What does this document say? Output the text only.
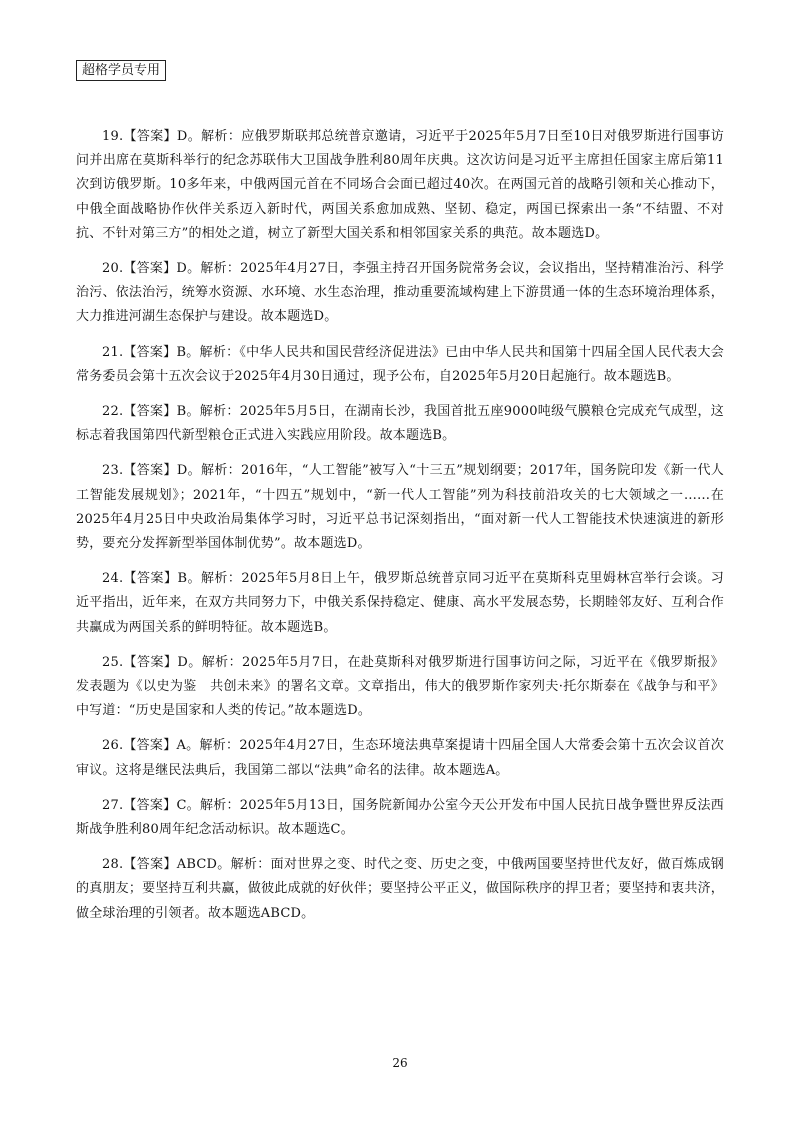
超格学员专用

19.【答案】D。解析：应俄罗斯联邦总统普京邀请，习近平于2025年5月7日至10日对俄罗斯进行国事访问并出席在莫斯科举行的纪念苏联伟大卫国战争胜利80周年庆典。这次访问是习近平主席担任国家主席后第11次到访俄罗斯。10多年来，中俄两国元首在不同场合会面已超过40次。在两国元首的战略引领和关心推动下，中俄全面战略协作伙伴关系迈入新时代，两国关系愈加成熟、坚韧、稳定，两国已探索出一条“不结盟、不对抗、不针对第三方”的相处之道，树立了新型大国关系和相邻国家关系的典范。故本题选D。

20.【答案】D。解析：2025年4月27日，李强主持召开国务院常务会议，会议指出，坚持精准治污、科学治污、依法治污，统筹水资源、水环境、水生态治理，推动重要流域构建上下游贯通一体的生态环境治理体系，大力推进河湖生态保护与建设。故本题选D。

21.【答案】B。解析：《中华人民共和国民营经济促进法》已由中华人民共和国第十四届全国人民代表大会常务委员会第十五次会议于2025年4月30日通过，现予公布，自2025年5月20日起施行。故本题选B。

22.【答案】B。解析：2025年5月5日，在湖南长沙，我国首批五座9000吨级气膜粮仓完成充气成型，这标志着我国第四代新型粮仓正式进入实践应用阶段。故本题选B。

23.【答案】D。解析：2016年，“人工智能”被写入“十三五”规划纲要；2017年，国务院印发《新一代人工智能发展规划》；2021年，“十四五”规划中，“新一代人工智能”列为科技前沿攻关的七大领域之一……在2025年4月25日中央政治局集体学习时，习近平总书记深刻指出，“面对新一代人工智能技术快速演进的新形势，要充分发挥新型举国体制优势”。故本题选D。

24.【答案】B。解析：2025年5月8日上午，俄罗斯总统普京同习近平在莫斯科克里姆林宫举行会谈。习近平指出，近年来，在双方共同努力下，中俄关系保持稳定、健康、高水平发展态势，长期睦邻友好、互利合作共赢成为两国关系的鲜明特征。故本题选B。

25.【答案】D。解析：2025年5月7日，在赴莫斯科对俄罗斯进行国事访问之际，习近平在《俄罗斯报》发表题为《以史为鉴　共创未来》的署名文章。文章指出，伟大的俄罗斯作家列夫·托尔斯泰在《战争与和平》中写道：“历史是国家和人类的传记。”故本题选D。

26.【答案】A。解析：2025年4月27日，生态环境法典草案提请十四届全国人大常委会第十五次会议首次审议。这将是继民法典后，我国第二部以“法典”命名的法律。故本题选A。

27.【答案】C。解析：2025年5月13日，国务院新闻办公室今天公开发布中国人民抗日战争暨世界反法西斯战争胜利80周年纪念活动标识。故本题选C。

28.【答案】ABCD。解析：面对世界之变、时代之变、历史之变，中俄两国要坚持世代友好，做百炼成钢的真朋友；要坚持互利共赢，做彼此成就的好伙伴；要坚持公平正义，做国际秩序的捍卫者；要坚持和衷共济，做全球治理的引领者。故本题选ABCD。

26
